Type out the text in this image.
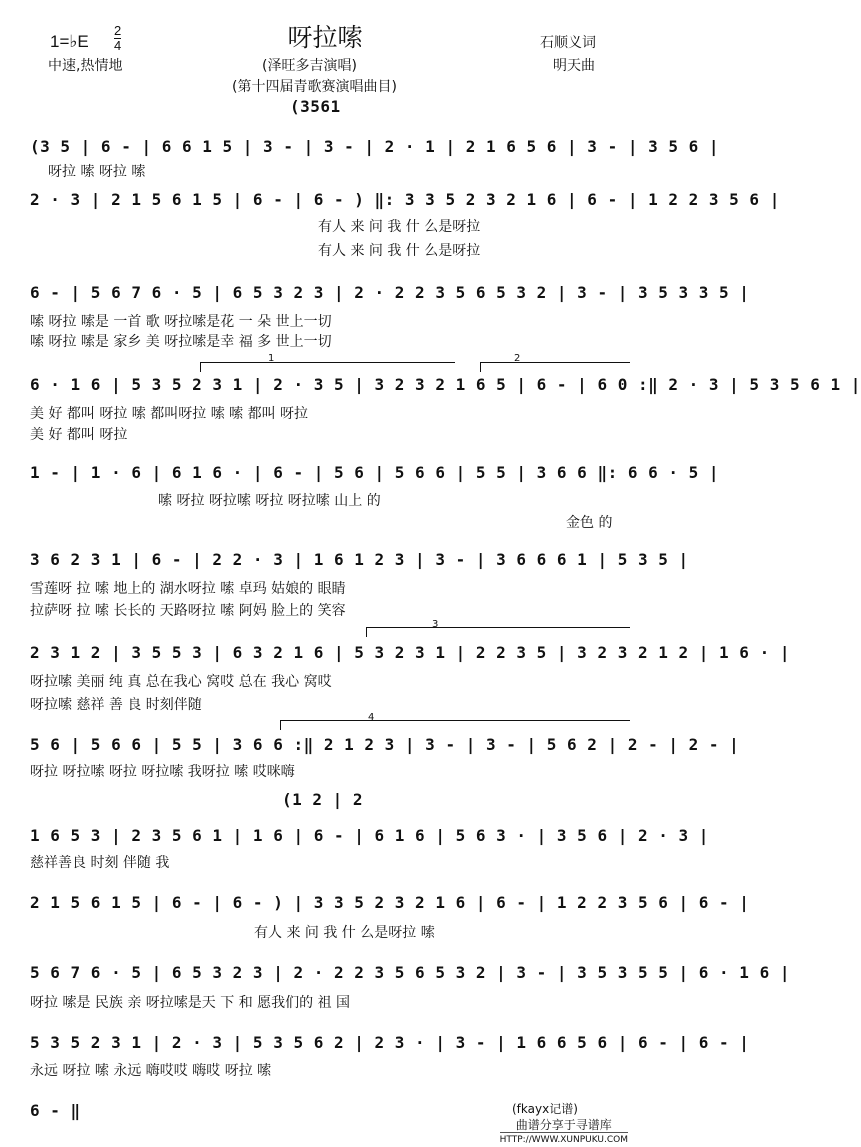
1=♭E
2
4	呀拉嗦	石顺义词
中速,热情地	(泽旺多吉演唱)	明天曲
(第十四届青歌赛演唱曲目)
(3561
(3 5 | 6 - | 6 6 1 5 | 3 - | 3 - | 2 · 1 | 2 1 6 5 6 | 3 - | 3 5 6 |
呀拉 嗦 呀拉 嗦
2 · 3 | 2 1 5 6 1 5 | 6 - | 6 - ) ‖: 3 3 5 2 3 2 1 6 | 6 - | 1 2 2 3 5 6 |
有人 来 问 我 什 么是呀拉
有人 来 问 我 什 么是呀拉
6 - | 5 6 7 6 · 5 | 6 5 3 2 3 | 2 · 2 2 3 5 6 5 3 2 | 3 - | 3 5 3 3 5 |
嗦 呀拉 嗦是 一首 歌 呀拉嗦是花 一 朵 世上一切
嗦 呀拉 嗦是 家乡 美 呀拉嗦是幸 福 多 世上一切
1	2
6 · 1 6 | 5 3 5 2 3 1 | 2 · 3 5 | 3 2 3 2 1 6 5 | 6 - | 6 0 :‖ 2 · 3 | 5 3 5 6 1 |
美 好 都叫 呀拉 嗦 都叫呀拉 嗦 嗦 都叫 呀拉
美 好 都叫 呀拉
1 - | 1 · 6 | 6 1 6 · | 6 - | 5 6 | 5 6 6 | 5 5 | 3 6 6 ‖: 6 6 · 5 |
嗦 呀拉 呀拉嗦 呀拉 呀拉嗦 山上 的
金色 的
3 6 2 3 1 | 6 - | 2 2 · 3 | 1 6 1 2 3 | 3 - | 3 6 6 6 1 | 5 3 5 |
雪莲呀 拉 嗦 地上的 湖水呀拉 嗦 卓玛 姑娘的 眼睛
拉萨呀 拉 嗦 长长的 天路呀拉 嗦 阿妈 脸上的 笑容
3
2 3 1 2 | 3 5 5 3 | 6 3 2 1 6 | 5 3 2 3 1 | 2 2 3 5 | 3 2 3 2 1 2 | 1 6 · |
呀拉嗦 美丽 纯 真 总在我心 窝哎 总在 我心 窝哎
呀拉嗦 慈祥 善 良 时刻伴随
4
5 6 | 5 6 6 | 5 5 | 3 6 6 :‖ 2 1 2 3 | 3 - | 3 - | 5 6 2 | 2 - | 2 - |
呀拉 呀拉嗦 呀拉 呀拉嗦 我呀拉 嗦 哎咪嗨
(1 2 | 2
1 6 5 3 | 2 3 5 6 1 | 1 6 | 6 - | 6 1 6 | 5 6 3 · | 3 5 6 | 2 · 3 |
慈祥善良 时刻 伴随 我
2 1 5 6 1 5 | 6 - | 6 - ) | 3 3 5 2 3 2 1 6 | 6 - | 1 2 2 3 5 6 | 6 - |
有人 来 问 我 什 么是呀拉 嗦
5 6 7 6 · 5 | 6 5 3 2 3 | 2 · 2 2 3 5 6 5 3 2 | 3 - | 3 5 3 5 5 | 6 · 1 6 |
呀拉 嗦是 民族 亲 呀拉嗦是天 下 和 愿我们的 祖 国
5 3 5 2 3 1 | 2 · 3 | 5 3 5 6 2 | 2 3 · | 3 - | 1 6 6 5 6 | 6 - | 6 - |
永远 呀拉 嗦 永远 嗨哎哎 嗨哎 呀拉 嗦
6 - ‖	(fkayx记谱)
曲谱分享于寻谱库
HTTP://WWW.XUNPUKU.COM
